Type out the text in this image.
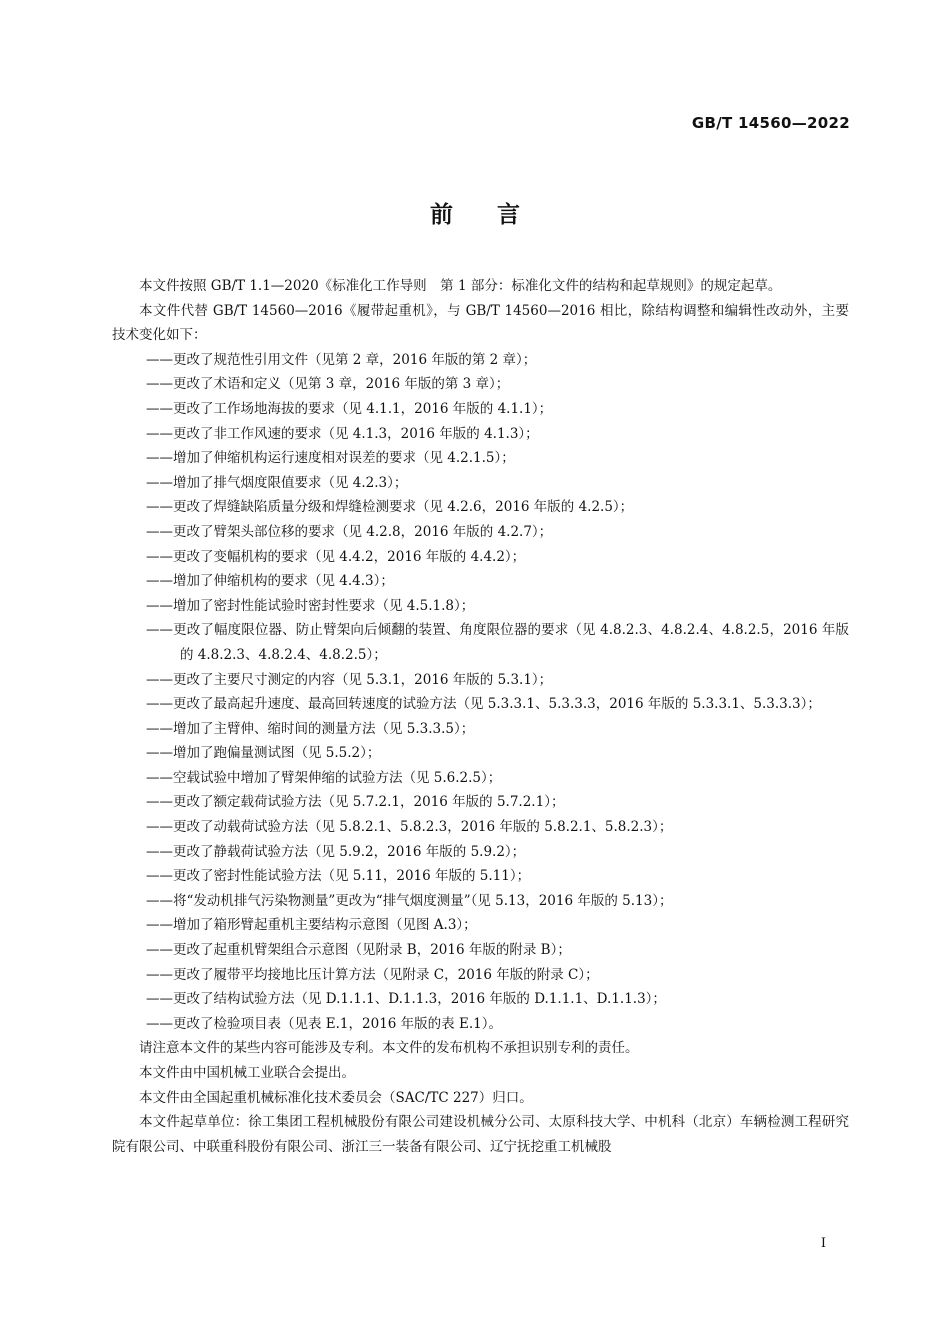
GB/T 14560—2022
前言

本文件按照 GB/T 1.1—2020《标准化工作导则　第 1 部分：标准化文件的结构和起草规则》的规定起草。

本文件代替 GB/T 14560—2016《履带起重机》，与 GB/T 14560—2016 相比，除结构调整和编辑性改动外，主要技术变化如下：

——更改了规范性引用文件（见第 2 章，2016 年版的第 2 章）；

——更改了术语和定义（见第 3 章，2016 年版的第 3 章）；

——更改了工作场地海拔的要求（见 4.1.1，2016 年版的 4.1.1）；

——更改了非工作风速的要求（见 4.1.3，2016 年版的 4.1.3）；

——增加了伸缩机构运行速度相对误差的要求（见 4.2.1.5）；

——增加了排气烟度限值要求（见 4.2.3）；

——更改了焊缝缺陷质量分级和焊缝检测要求（见 4.2.6，2016 年版的 4.2.5）；

——更改了臂架头部位移的要求（见 4.2.8，2016 年版的 4.2.7）；

——更改了变幅机构的要求（见 4.4.2，2016 年版的 4.4.2）；

——增加了伸缩机构的要求（见 4.4.3）；

——增加了密封性能试验时密封性要求（见 4.5.1.8）；

——更改了幅度限位器、防止臂架向后倾翻的装置、角度限位器的要求（见 4.8.2.3、4.8.2.4、4.8.2.5，2016 年版的 4.8.2.3、4.8.2.4、4.8.2.5）；

——更改了主要尺寸测定的内容（见 5.3.1，2016 年版的 5.3.1）；

——更改了最高起升速度、最高回转速度的试验方法（见 5.3.3.1、5.3.3.3，2016 年版的 5.3.3.1、5.3.3.3）；

——增加了主臂伸、缩时间的测量方法（见 5.3.3.5）；

——增加了跑偏量测试图（见 5.5.2）；

——空载试验中增加了臂架伸缩的试验方法（见 5.6.2.5）；

——更改了额定载荷试验方法（见 5.7.2.1，2016 年版的 5.7.2.1）；

——更改了动载荷试验方法（见 5.8.2.1、5.8.2.3，2016 年版的 5.8.2.1、5.8.2.3）；

——更改了静载荷试验方法（见 5.9.2，2016 年版的 5.9.2）；

——更改了密封性能试验方法（见 5.11，2016 年版的 5.11）；

——将“发动机排气污染物测量”更改为“排气烟度测量”（见 5.13，2016 年版的 5.13）；

——增加了箱形臂起重机主要结构示意图（见图 A.3）；

——更改了起重机臂架组合示意图（见附录 B，2016 年版的附录 B）；

——更改了履带平均接地比压计算方法（见附录 C，2016 年版的附录 C）；

——更改了结构试验方法（见 D.1.1.1、D.1.1.3，2016 年版的 D.1.1.1、D.1.1.3）；

——更改了检验项目表（见表 E.1，2016 年版的表 E.1）。

请注意本文件的某些内容可能涉及专利。本文件的发布机构不承担识别专利的责任。

本文件由中国机械工业联合会提出。

本文件由全国起重机械标准化技术委员会（SAC/TC 227）归口。

本文件起草单位：徐工集团工程机械股份有限公司建设机械分公司、太原科技大学、中机科（北京）车辆检测工程研究院有限公司、中联重科股份有限公司、浙江三一装备有限公司、辽宁抚挖重工机械股

I
